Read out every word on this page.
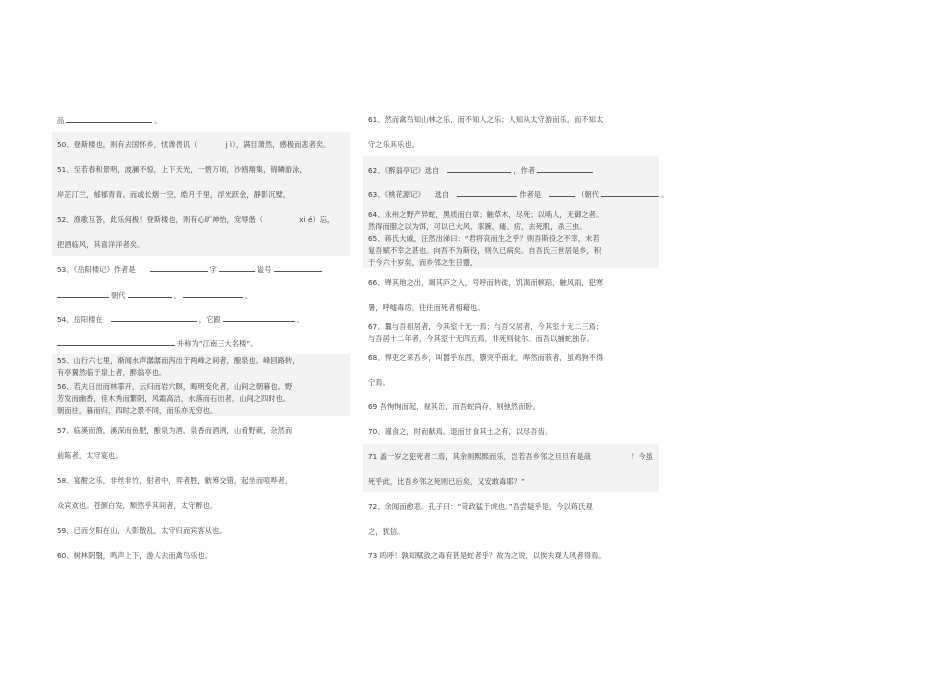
品	。
50、登斯楼也，则有去国怀乡，忧谗畏讥（	j ì），满目萧然，感极而悲者矣。
51、至若春和景明，波澜不惊，上下天光，一碧万顷，沙鸥翔集，锦鳞游泳，
岸芷汀兰，郁郁青青。而或长烟一空，皓月千里，浮光跃金，静影沉璧，
52、渔歌互答，此乐何极！登斯楼也，则有心旷神怡，宠辱偕（	xi é）忘，
把酒临风，其喜洋洋者矣。
53、《岳阳楼记》作者是	字	谥号
朝代	、	。
54、岳阳楼在	，它跟	、
并称为“江南三大名楼”。
55、山行六七里，渐闻水声潺潺而泻出于两峰之间者，酿泉也。峰回路转，
有亭翼然临于泉上者，醉翁亭也。
56、若夫日出而林霏开，云归而岩穴暝，晦明变化者，山间之朝暮也。野
芳发而幽香，佳木秀而繁阴，风霜高洁，水落而石出者，山间之四时也。
朝而往，暮而归，四时之景不同，而乐亦无穷也。
57、临溪而渔，溪深而鱼肥，酿泉为酒，泉香而酒洌，山肴野蔌，杂然而
前陈者，太守宴也。
58、宴酣之乐，非丝非竹，射者中，弈者胜，觥筹交错，起坐而喧哗者，
众宾欢也。苍颜白发，颓然乎其间者，太守醉也。
59、已而夕阳在山，人影散乱，太守归而宾客从也。
60、树林阴翳，鸣声上下，游人去而禽鸟乐也。
61、然而禽鸟知山林之乐，而不知人之乐；人知从太守游而乐，而不知太
守之乐其乐也。
62、《醉翁亭记》选自	，作者
63、《桃花源记》 选自	作者是	（朝代	。
64、永州之野产异蛇，黑质而白章；触草木，尽死；以啮人，无御之者。
然得而腊之以为饵，可以已大风、挛踠、瘘、疠，去死肌，杀三虫。
65、蒋氏大戚，汪然出涕曰：“君将哀而生之乎？则吾斯役之不幸，未若
复吾赋不幸之甚也。向吾不为斯役，则久已病矣。自吾氏三世居是乡，积
于今六十岁矣，而乡邻之生日蹙，
66、殚其地之出，竭其庐之入，号呼而转徙，饥渴而顿踣，触风雨，犯寒
暑，呼嘘毒疠，往往而死者相藉也。
67、曩与吾祖居者，今其室十无一焉；与吾父居者，今其室十无二三焉；
与吾居十二年者，今其室十无四五焉，非死则徙尔。而吾以捕蛇独存。
68、悍吏之来吾乡，叫嚣乎东西，隳突乎南北，哗然而骇者，虽鸡狗不得
宁焉。
69 吾恂恂而起，视其缶，而吾蛇尚存，则弛然而卧。
70、谨食之，时而献焉。退而甘食其土之有，以尽吾齿。
71 盖一岁之犯死者二焉，其余则熙熙而乐，岂若吾乡邻之旦旦有是哉	！今虽
死乎此，比吾乡邻之死则已后矣，又安敢毒耶？”
72、余闻而愈悲。孔子曰：“苛政猛于虎也。”吾尝疑乎是，今以蒋氏观
之，犹信。
73 呜呼！孰知赋敛之毒有甚是蛇者乎？故为之说，以俟夫观人风者得焉。
